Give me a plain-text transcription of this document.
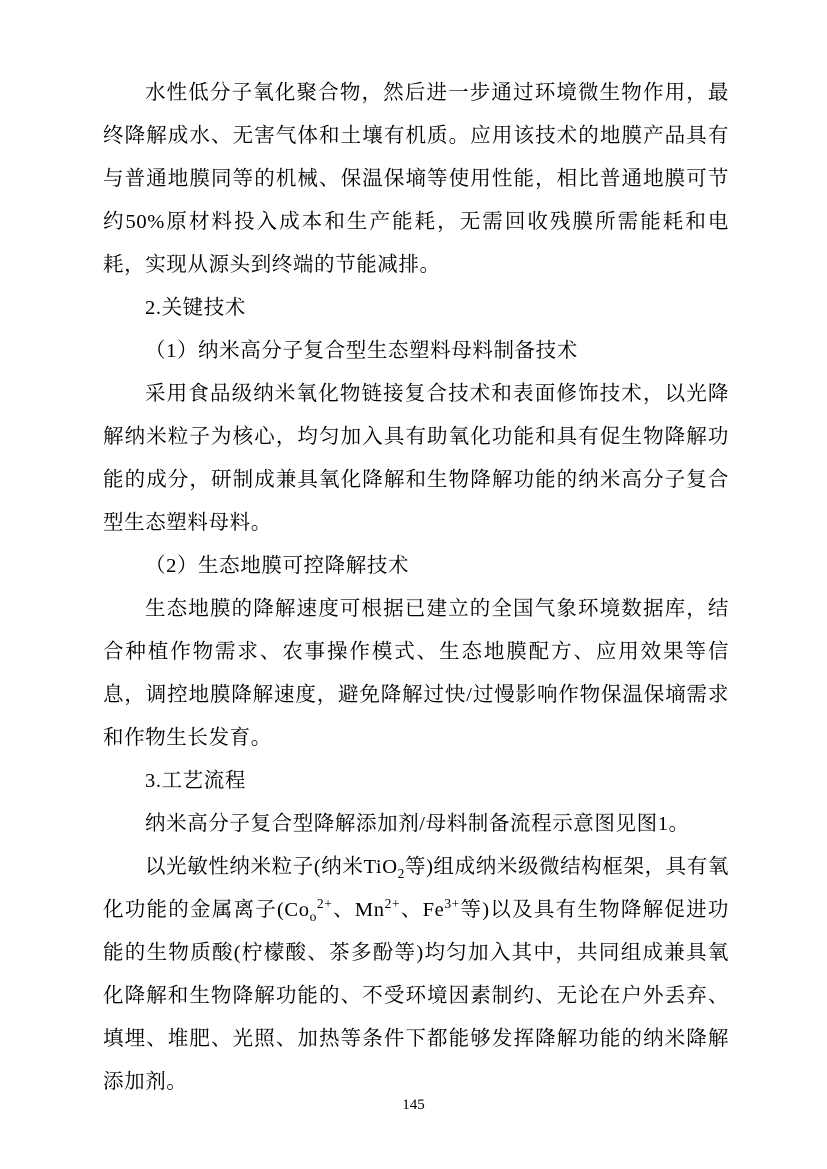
水性低分子氧化聚合物，然后进一步通过环境微生物作用，最终降解成水、无害气体和土壤有机质。应用该技术的地膜产品具有与普通地膜同等的机械、保温保墒等使用性能，相比普通地膜可节约50%原材料投入成本和生产能耗，无需回收残膜所需能耗和电耗，实现从源头到终端的节能减排。

2.关键技术

（1）纳米高分子复合型生态塑料母料制备技术

采用食品级纳米氧化物链接复合技术和表面修饰技术，以光降解纳米粒子为核心，均匀加入具有助氧化功能和具有促生物降解功能的成分，研制成兼具氧化降解和生物降解功能的纳米高分子复合型生态塑料母料。

（2）生态地膜可控降解技术

生态地膜的降解速度可根据已建立的全国气象环境数据库，结合种植作物需求、农事操作模式、生态地膜配方、应用效果等信息，调控地膜降解速度，避免降解过快/过慢影响作物保温保墒需求和作物生长发育。

3.工艺流程

纳米高分子复合型降解添加剂/母料制备流程示意图见图1。

以光敏性纳米粒子(纳米TiO$_2$等)组成纳米级微结构框架，具有氧化功能的金属离子($Co_o^{2+}$、$Mn^{2+}$、$Fe^{3+}$等)以及具有生物降解促进功能的生物质酸(柠檬酸、茶多酚等)均匀加入其中，共同组成兼具氧化降解和生物降解功能的、不受环境因素制约、无论在户外丢弃、填埋、堆肥、光照、加热等条件下都能够发挥降解功能的纳米降解添加剂。

145
